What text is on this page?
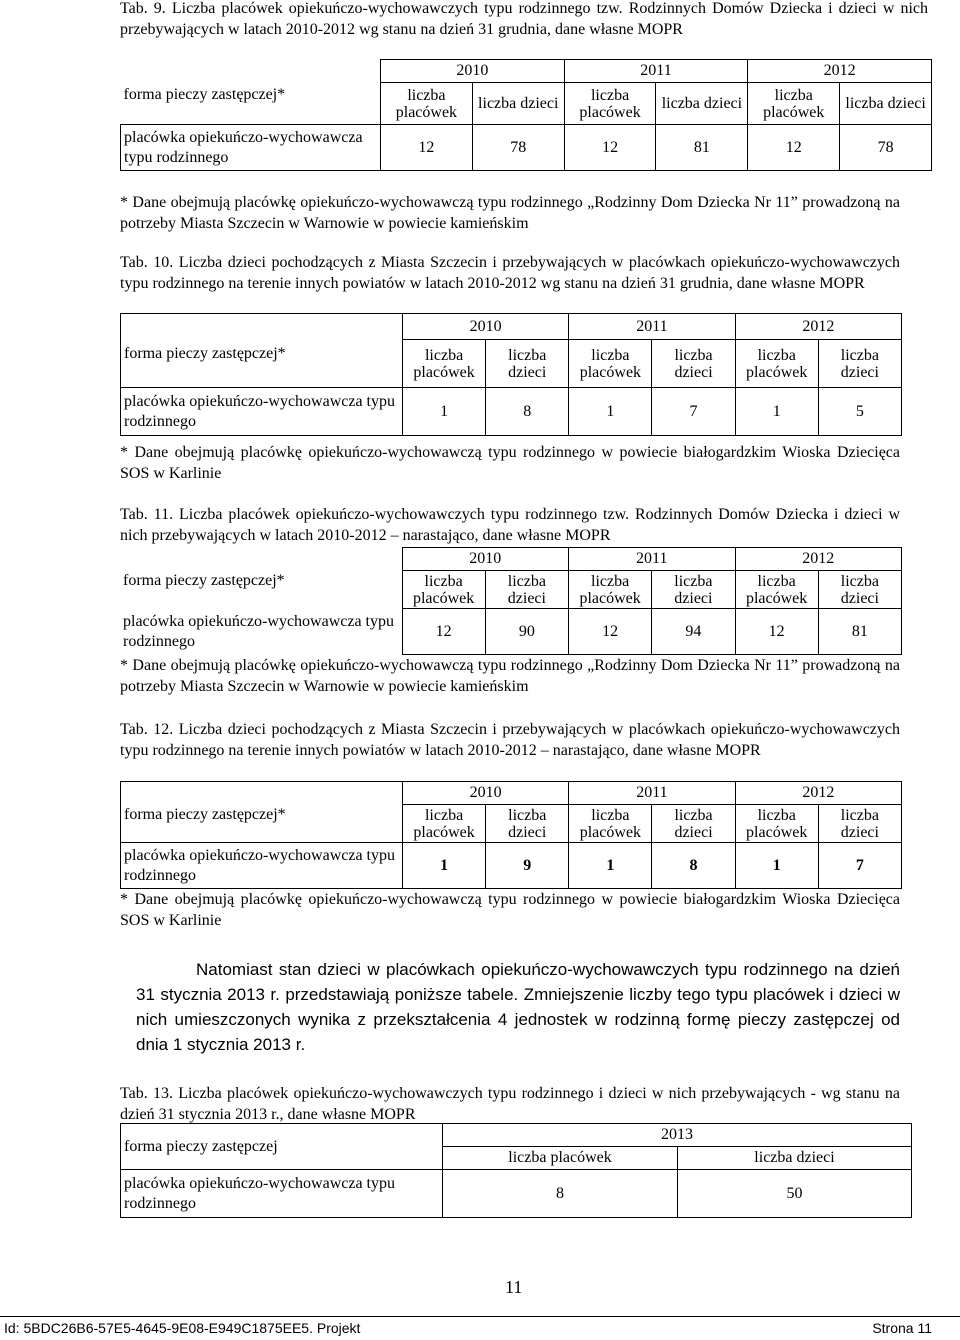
Tab. 9. Liczba placówek opiekuńczo-wychowawczych typu rodzinnego tzw. Rodzinnych Domów Dziecka i dzieci w nich przebywających w latach 2010-2012 wg stanu na dzień 31 grudnia, dane własne MOPR
forma pieczy zastępczej*	2010		2011		2012	
	liczba placówek	liczba dzieci	liczba placówek	liczba dzieci	liczba placówek	liczba dzieci
placówka opiekuńczo-wychowawcza typu rodzinnego	12	78	12	81	12	78
* Dane obejmują placówkę opiekuńczo-wychowawczą typu rodzinnego „Rodzinny Dom Dziecka Nr 11” prowadzoną na potrzeby Miasta Szczecin w Warnowie w powiecie kamieńskim
Tab. 10. Liczba dzieci pochodzących z Miasta Szczecin i przebywających w placówkach opiekuńczo-wychowawczych typu rodzinnego na terenie innych powiatów w latach 2010-2012 wg stanu na dzień 31 grudnia, dane własne MOPR
forma pieczy zastępczej*	2010		2011		2012	
	liczba placówek	liczba dzieci	liczba placówek	liczba dzieci	liczba placówek	liczba dzieci
placówka opiekuńczo-wychowawcza typu rodzinnego	1	8	1	7	1	5
* Dane obejmują placówkę opiekuńczo-wychowawczą typu rodzinnego w powiecie białogardzkim Wioska Dziecięca SOS w Karlinie
Tab. 11. Liczba placówek opiekuńczo-wychowawczych typu rodzinnego tzw. Rodzinnych Domów Dziecka i dzieci w nich przebywających w latach 2010-2012 – narastająco, dane własne MOPR
forma pieczy zastępczej*	2010		2011		2012	
	liczba placówek	liczba dzieci	liczba placówek	liczba dzieci	liczba placówek	liczba dzieci
placówka opiekuńczo-wychowawcza typu rodzinnego	12	90	12	94	12	81
* Dane obejmują placówkę opiekuńczo-wychowawczą typu rodzinnego „Rodzinny Dom Dziecka Nr 11” prowadzoną na potrzeby Miasta Szczecin w Warnowie w powiecie kamieńskim
Tab. 12. Liczba dzieci pochodzących z Miasta Szczecin i przebywających w placówkach opiekuńczo-wychowawczych typu rodzinnego na terenie innych powiatów w latach 2010-2012 – narastająco, dane własne MOPR
forma pieczy zastępczej*	2010		2011		2012	
	liczba placówek	liczba dzieci	liczba placówek	liczba dzieci	liczba placówek	liczba dzieci
placówka opiekuńczo-wychowawcza typu rodzinnego	1	9	1	8	1	7
* Dane obejmują placówkę opiekuńczo-wychowawczą typu rodzinnego w powiecie białogardzkim Wioska Dziecięca SOS w Karlinie
Natomiast stan dzieci w placówkach opiekuńczo-wychowawczych typu rodzinnego na dzień 31 stycznia 2013 r. przedstawiają poniższe tabele. Zmniejszenie liczby tego typu placówek i dzieci w nich umieszczonych wynika z przekształcenia 4 jednostek w rodzinną formę pieczy zastępczej od dnia 1 stycznia 2013 r.
Tab. 13. Liczba placówek opiekuńczo-wychowawczych typu rodzinnego i dzieci w nich przebywających - wg stanu na dzień 31 stycznia 2013 r., dane własne MOPR
forma pieczy zastępczej	2013	
	liczba placówek	liczba dzieci
placówka opiekuńczo-wychowawcza typu rodzinnego	8	50
11
Id: 5BDC26B6-57E5-4645-9E08-E949C1875EE5. Projekt	Strona 11
